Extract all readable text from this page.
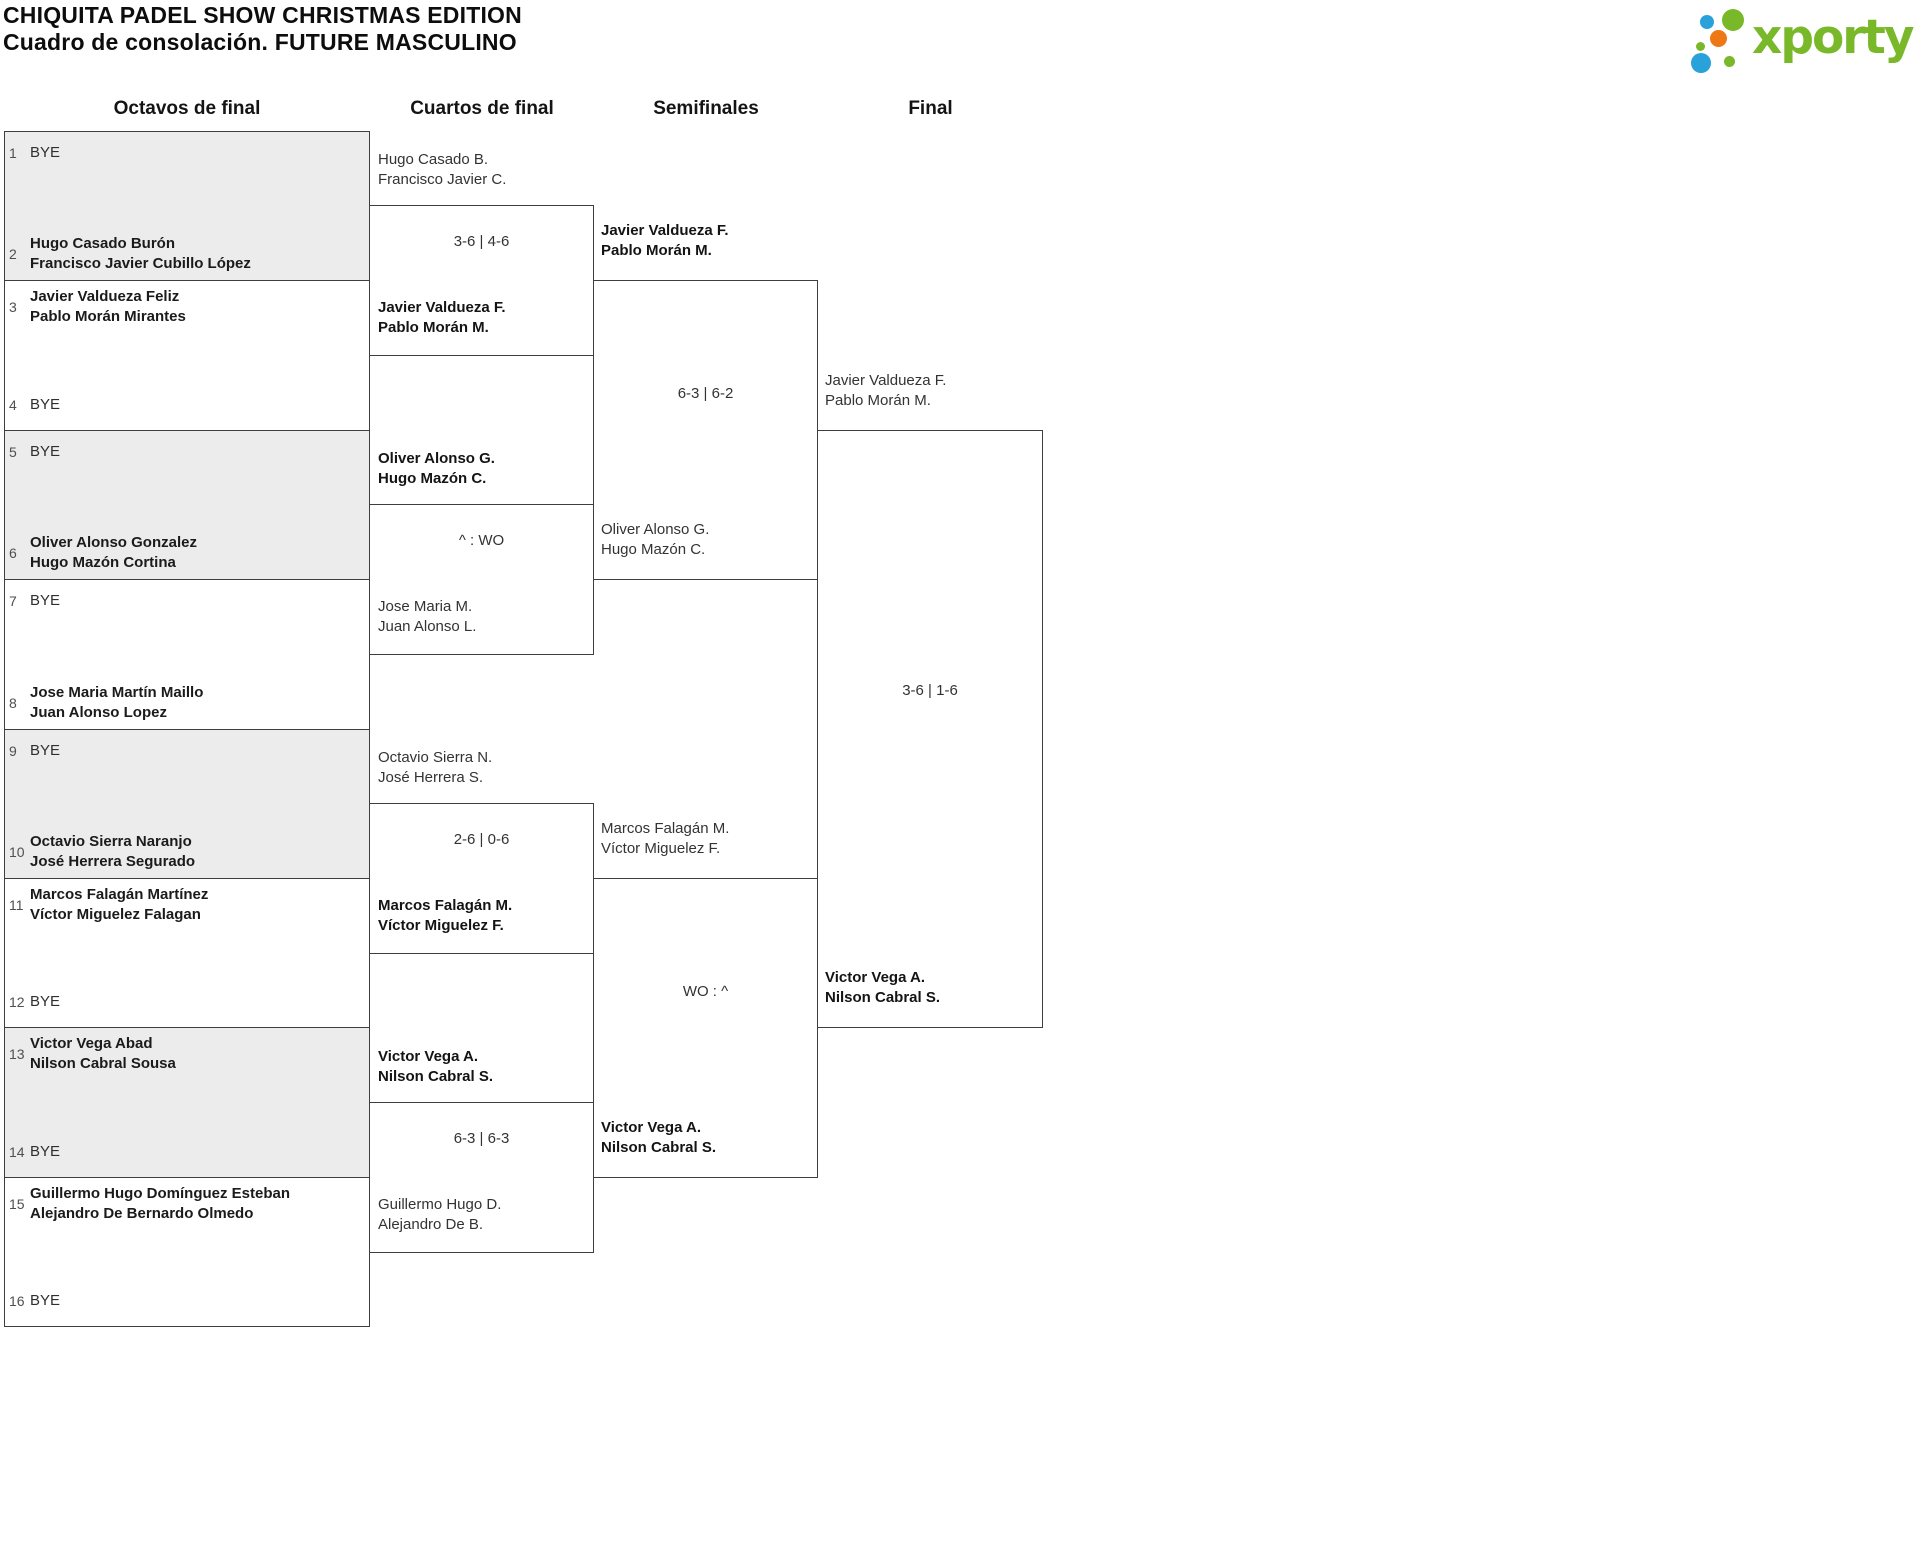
CHIQUITA PADEL SHOW CHRISTMAS EDITION
Cuadro de consolación. FUTURE MASCULINO	xporty
Octavos de final	Cuartos de final	Semifinales	Final
1 BYE
2
Hugo Casado Burón
Francisco Javier Cubillo López
3
Javier Valdueza Feliz
Pablo Morán Mirantes
4 BYE
5 BYE
6
Oliver Alonso Gonzalez
Hugo Mazón Cortina
7 BYE
8
Jose Maria Martín Maillo
Juan Alonso Lopez
9 BYE
10
Octavio Sierra Naranjo
José Herrera Segurado
11
Marcos Falagán Martínez
Víctor Miguelez Falagan
12 BYE
13
Victor Vega Abad
Nilson Cabral Sousa
14 BYE
15
Guillermo Hugo Domínguez Esteban
Alejandro De Bernardo Olmedo
16 BYE
Hugo Casado B.
Francisco Javier C.
3-6 | 4-6
Javier Valdueza F.
Pablo Morán M.
Oliver Alonso G.
Hugo Mazón C.
^ : WO
Jose Maria M.
Juan Alonso L.
Octavio Sierra N.
José Herrera S.
2-6 | 0-6
Marcos Falagán M.
Víctor Miguelez F.
Victor Vega A.
Nilson Cabral S.
6-3 | 6-3
Guillermo Hugo D.
Alejandro De B.
Javier Valdueza F.
Pablo Morán M.
6-3 | 6-2
Oliver Alonso G.
Hugo Mazón C.
Marcos Falagán M.
Víctor Miguelez F.
WO : ^
Victor Vega A.
Nilson Cabral S.
Javier Valdueza F.
Pablo Morán M.
3-6 | 1-6
Victor Vega A.
Nilson Cabral S.
